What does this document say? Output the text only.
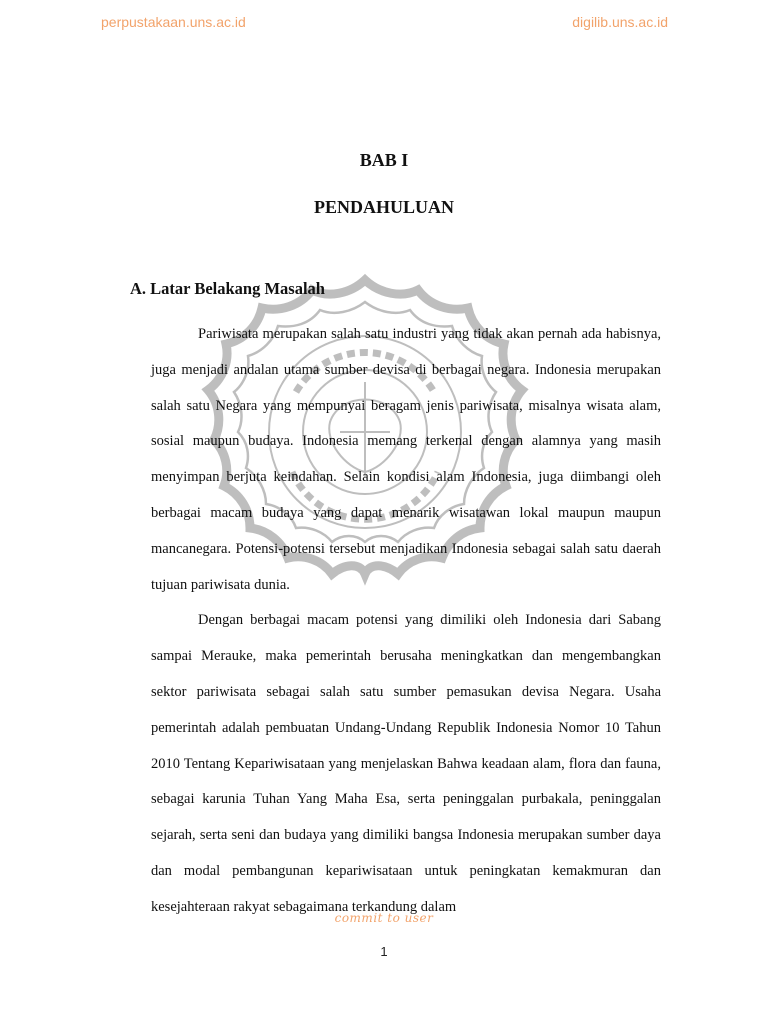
perpustakaan.uns.ac.id	digilib.uns.ac.id
BAB I
PENDAHULUAN
A. Latar Belakang Masalah

Pariwisata merupakan salah satu industri yang tidak akan pernah ada habisnya, juga menjadi andalan utama sumber devisa di berbagai negara. Indonesia merupakan salah satu Negara yang mempunyai beragam jenis pariwisata, misalnya wisata alam, sosial maupun budaya. Indonesia memang terkenal dengan alamnya yang masih menyimpan berjuta keindahan. Selain kondisi alam Indonesia, juga diimbangi oleh berbagai macam budaya yang dapat menarik wisatawan lokal maupun maupun mancanegara. Potensi-potensi tersebut menjadikan Indonesia sebagai salah satu daerah tujuan pariwisata dunia.

Dengan berbagai macam potensi yang dimiliki oleh Indonesia dari Sabang sampai Merauke, maka pemerintah berusaha meningkatkan dan mengembangkan sektor pariwisata sebagai salah satu sumber pemasukan devisa Negara. Usaha pemerintah adalah pembuatan Undang-Undang Republik Indonesia Nomor 10 Tahun 2010 Tentang Kepariwisataan yang menjelaskan Bahwa keadaan alam, flora dan fauna, sebagai karunia Tuhan Yang Maha Esa, serta peninggalan purbakala, peninggalan sejarah, serta seni dan budaya yang dimiliki bangsa Indonesia merupakan sumber daya dan modal pembangunan kepariwisataan untuk peningkatan kemakmuran dan kesejahteraan rakyat sebagaimana terkandung dalam

commit to user
1
